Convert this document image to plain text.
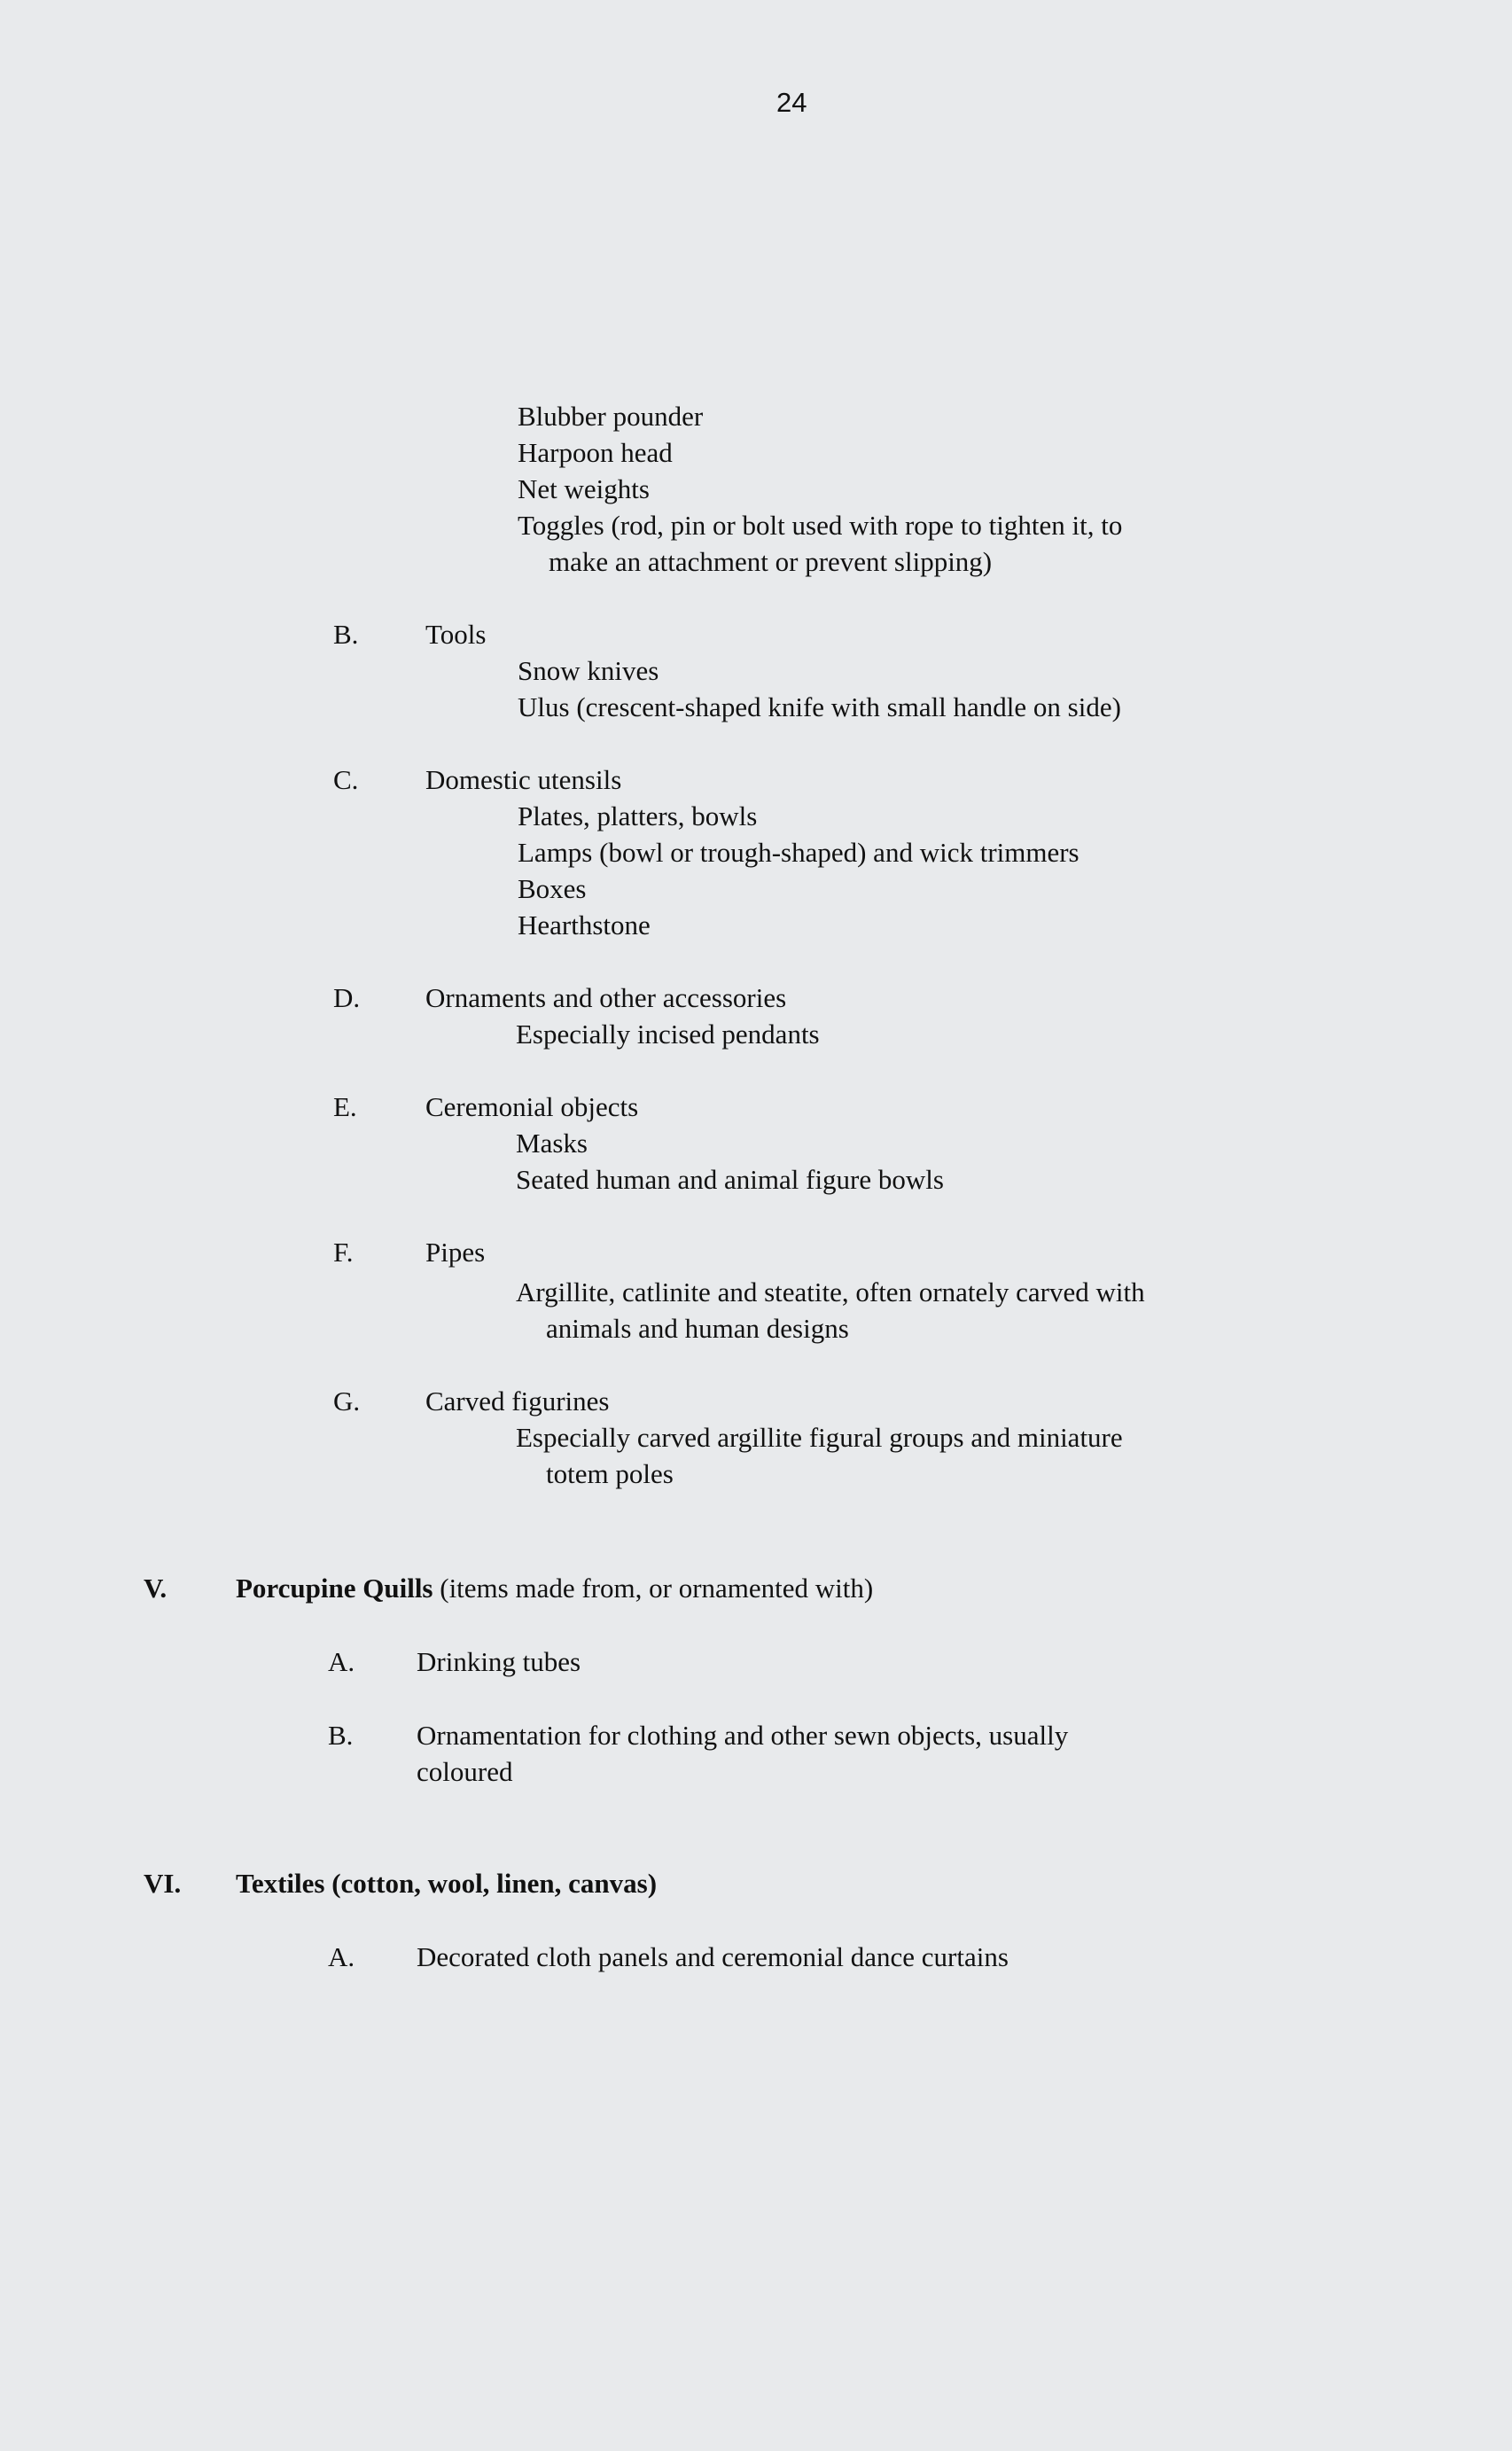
24
Blubber pounder
Harpoon head
Net weights
Toggles (rod, pin or bolt used with rope to tighten it, to
make an attachment or prevent slipping)
B. Tools
Snow knives
Ulus (crescent-shaped knife with small handle on side)
C. Domestic utensils
Plates, platters, bowls
Lamps (bowl or trough-shaped) and wick trimmers
Boxes
Hearthstone
D. Ornaments and other accessories
Especially incised pendants
E. Ceremonial objects
Masks
Seated human and animal figure bowls
F.	Pipes
Argillite, catlinite and steatite, often ornately carved with
animals and human designs
G. Carved figurines
Especially carved argillite figural groups and miniature
totem poles
V.	Porcupine Quills (items made from, or ornamented with)
A. Drinking tubes
B. Ornamentation for clothing and other sewn objects, usually
coloured
VI. Textiles (cotton, wool, linen, canvas)
A. Decorated cloth panels and ceremonial dance curtains
